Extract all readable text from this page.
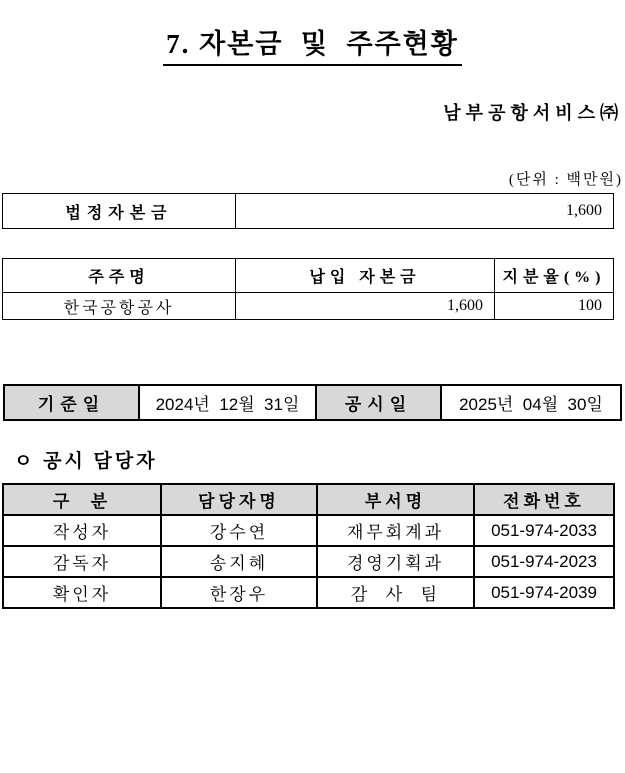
7. 자본금  및  주주현황
남부공항서비스㈜
(단위 : 백만원)
법정자본금	1,600
주주명	납입 자본금	지분율(%)
한국공항공사	1,600	100
기준일	2024년  12월  31일	공시일	2025년  04월  30일
ㅇ 공시 담당자
구  분	담당자명	부서명	전화번호
작성자	강수연	재무회계과	051-974-2033
감독자	송지혜	경영기획과	051-974-2023
확인자	한장우	감  사  팀	051-974-2039
